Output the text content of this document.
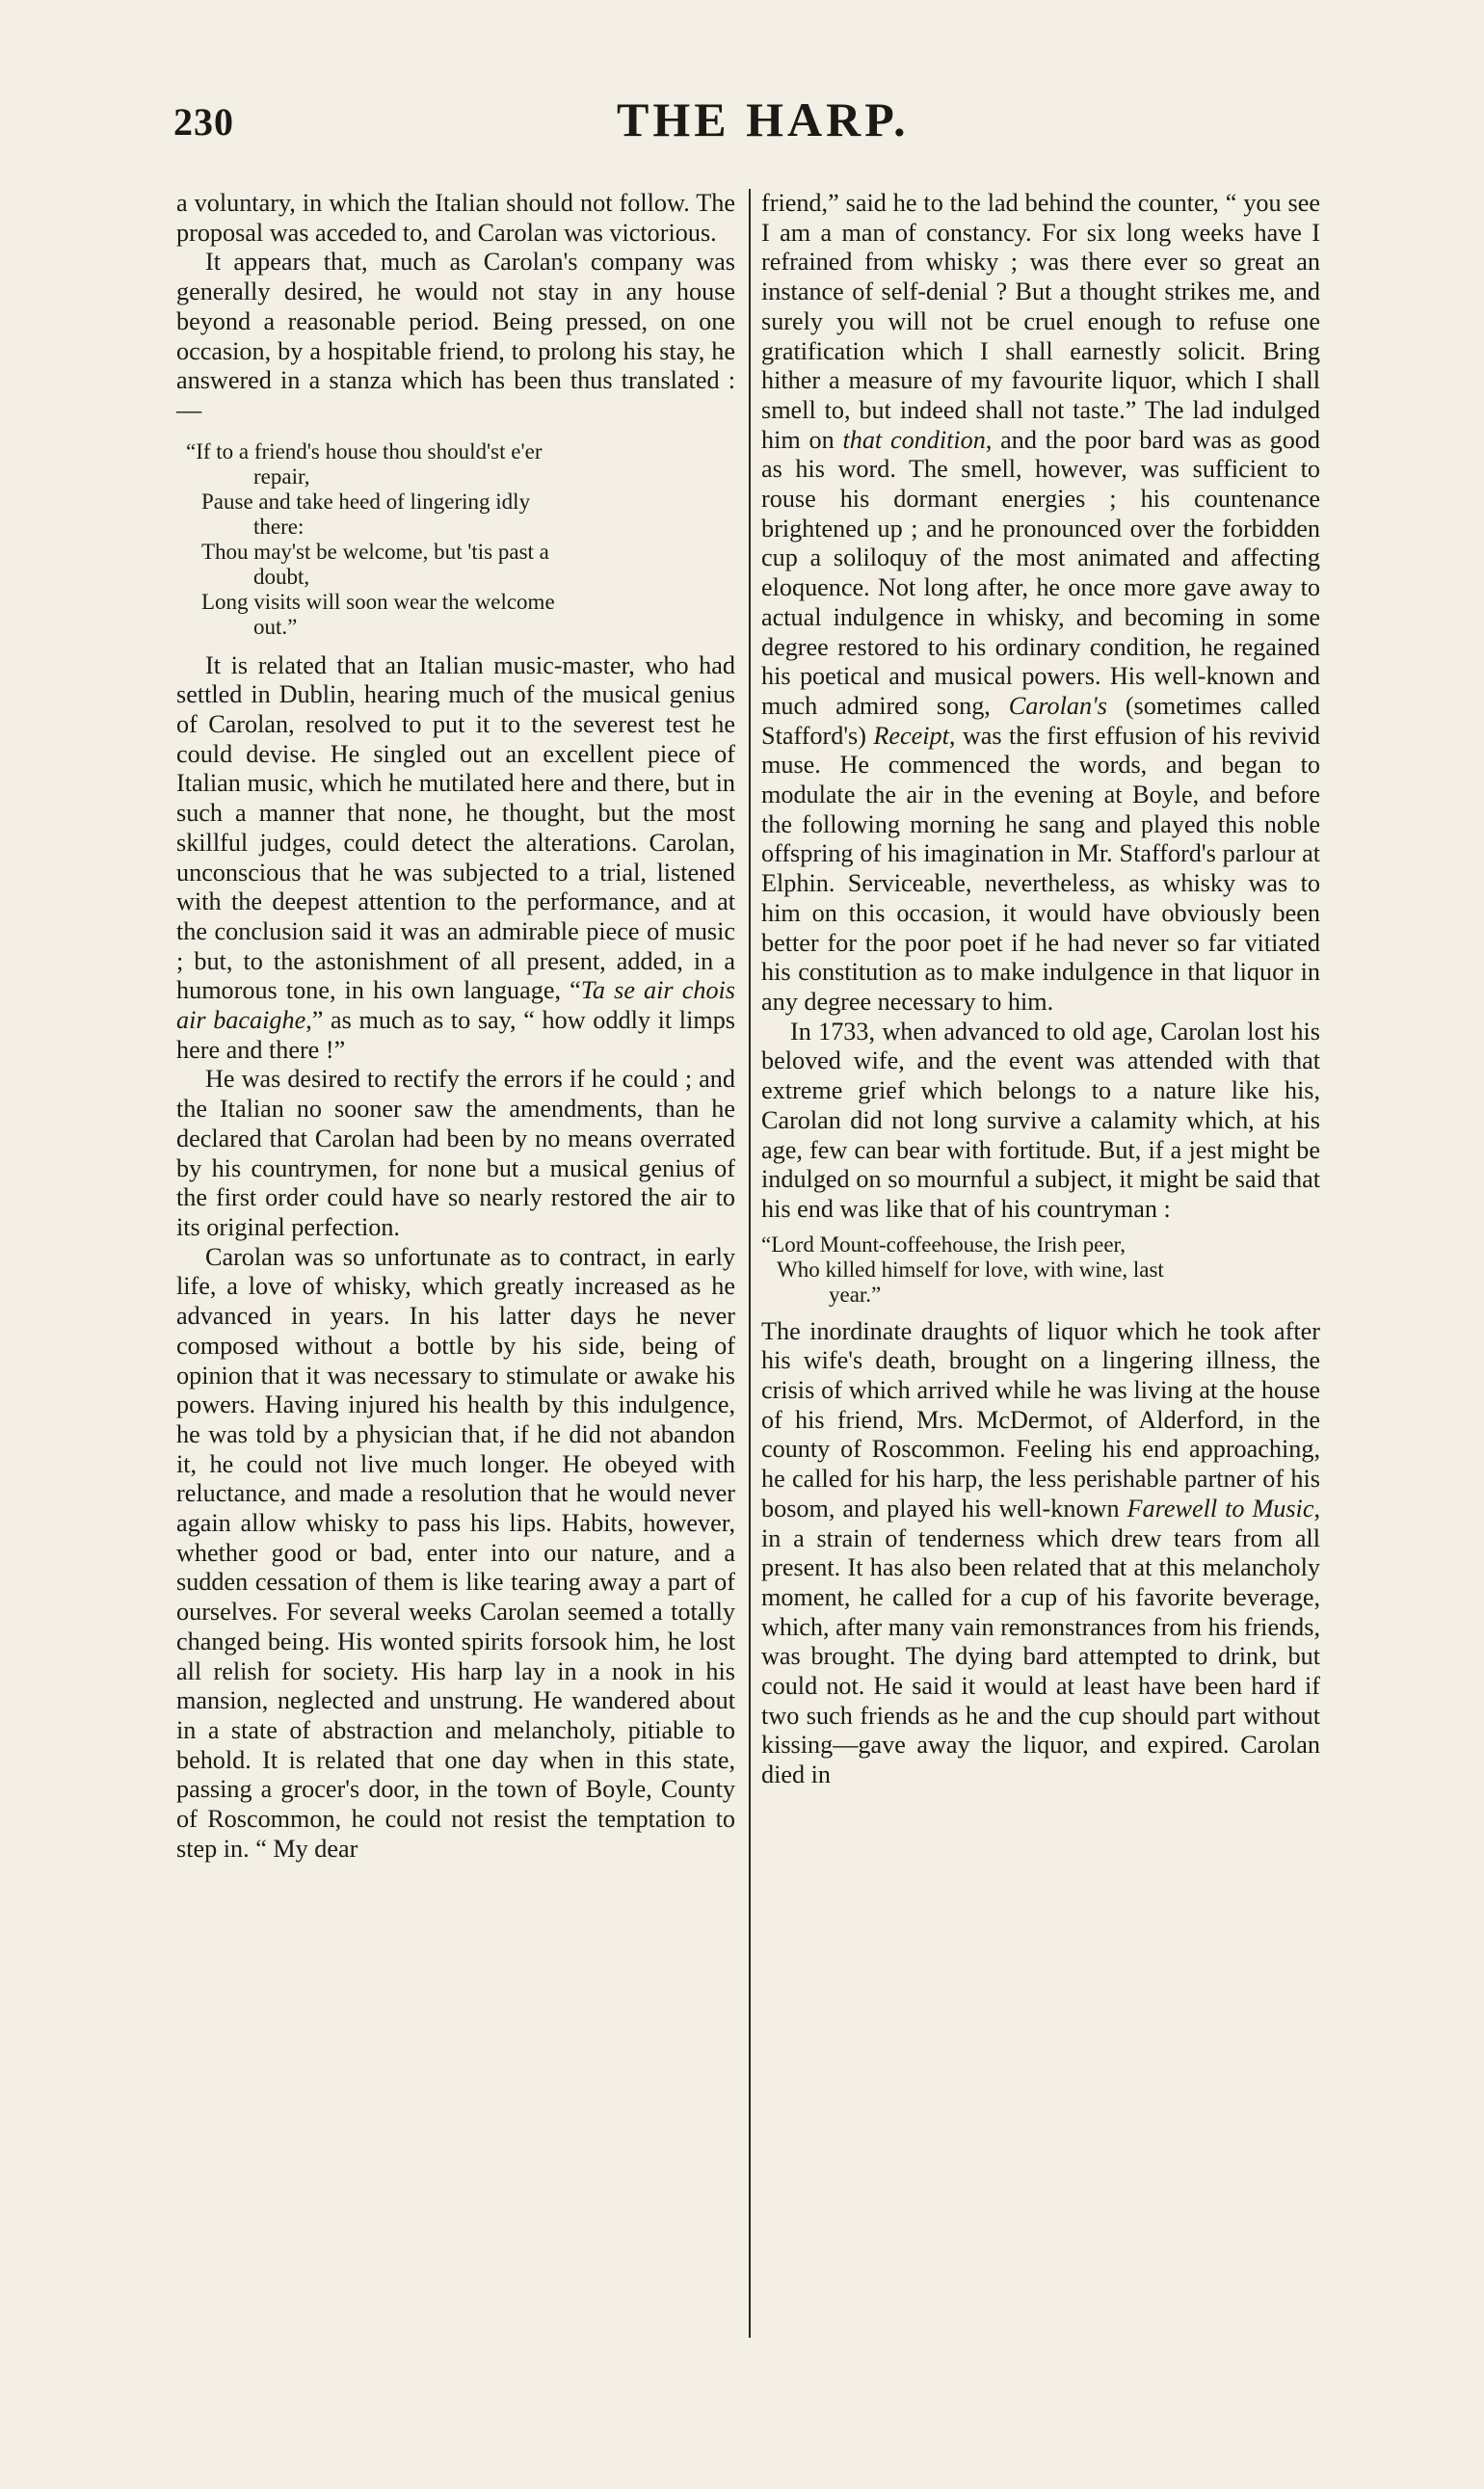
230	THE HARP.

a voluntary, in which the Italian should not follow. The proposal was acceded to, and Carolan was victorious.

It appears that, much as Carolan's company was generally desired, he would not stay in any house beyond a reasonable period. Being pressed, on one occasion, by a hospitable friend, to prolong his stay, he answered in a stanza which has been thus translated :—

“If to a friend's house thou should'st e'er
repair,
Pause and take heed of lingering idly
there:
Thou may'st be welcome, but 'tis past a
doubt,
Long visits will soon wear the welcome
out.”

It is related that an Italian music-master, who had settled in Dublin, hearing much of the musical genius of Carolan, resolved to put it to the severest test he could devise. He singled out an excellent piece of Italian music, which he mutilated here and there, but in such a manner that none, he thought, but the most skillful judges, could detect the alterations. Carolan, unconscious that he was subjected to a trial, listened with the deepest attention to the performance, and at the conclusion said it was an admirable piece of music ; but, to the astonishment of all present, added, in a humorous tone, in his own language, “Ta se air chois air bacaighe,” as much as to say, “ how oddly it limps here and there !”

He was desired to rectify the errors if he could ; and the Italian no sooner saw the amendments, than he declared that Carolan had been by no means overrated by his countrymen, for none but a musical genius of the first order could have so nearly restored the air to its original perfection.

Carolan was so unfortunate as to contract, in early life, a love of whisky, which greatly increased as he advanced in years. In his latter days he never composed without a bottle by his side, being of opinion that it was necessary to stimulate or awake his powers. Having injured his health by this indulgence, he was told by a physician that, if he did not abandon it, he could not live much longer. He obeyed with reluctance, and made a resolution that he would never again allow whisky to pass his lips. Habits, however, whether good or bad, enter into our nature, and a sudden cessation of them is like tearing away a part of ourselves. For several weeks Carolan seemed a totally changed being. His wonted spirits forsook him, he lost all relish for society. His harp lay in a nook in his mansion, neglected and unstrung. He wandered about in a state of abstraction and melancholy, pitiable to behold. It is related that one day when in this state, passing a grocer's door, in the town of Boyle, County of Roscommon, he could not resist the temptation to step in. “ My dear

friend,” said he to the lad behind the counter, “ you see I am a man of constancy. For six long weeks have I refrained from whisky ; was there ever so great an instance of self-denial ? But a thought strikes me, and surely you will not be cruel enough to refuse one gratification which I shall earnestly solicit. Bring hither a measure of my favourite liquor, which I shall smell to, but indeed shall not taste.” The lad indulged him on that condition, and the poor bard was as good as his word. The smell, however, was sufficient to rouse his dormant energies ; his countenance brightened up ; and he pronounced over the forbidden cup a soliloquy of the most animated and affecting eloquence. Not long after, he once more gave away to actual indulgence in whisky, and becoming in some degree restored to his ordinary condition, he regained his poetical and musical powers. His well-known and much admired song, Carolan's (sometimes called Stafford's) Receipt, was the first effusion of his revivid muse. He commenced the words, and began to modulate the air in the evening at Boyle, and before the following morning he sang and played this noble offspring of his imagination in Mr. Stafford's parlour at Elphin. Serviceable, nevertheless, as whisky was to him on this occasion, it would have obviously been better for the poor poet if he had never so far vitiated his constitution as to make indulgence in that liquor in any degree necessary to him.

In 1733, when advanced to old age, Carolan lost his beloved wife, and the event was attended with that extreme grief which belongs to a nature like his, Carolan did not long survive a calamity which, at his age, few can bear with fortitude. But, if a jest might be indulged on so mournful a subject, it might be said that his end was like that of his countryman :

“Lord Mount-coffeehouse, the Irish peer,
Who killed himself for love, with wine, last
year.”

The inordinate draughts of liquor which he took after his wife's death, brought on a lingering illness, the crisis of which arrived while he was living at the house of his friend, Mrs. McDermot, of Alderford, in the county of Roscommon. Feeling his end approaching, he called for his harp, the less perishable partner of his bosom, and played his well-known Farewell to Music, in a strain of tenderness which drew tears from all present. It has also been related that at this melancholy moment, he called for a cup of his favorite beverage, which, after many vain remonstrances from his friends, was brought. The dying bard attempted to drink, but could not. He said it would at least have been hard if two such friends as he and the cup should part without kissing—gave away the liquor, and expired. Carolan died in
